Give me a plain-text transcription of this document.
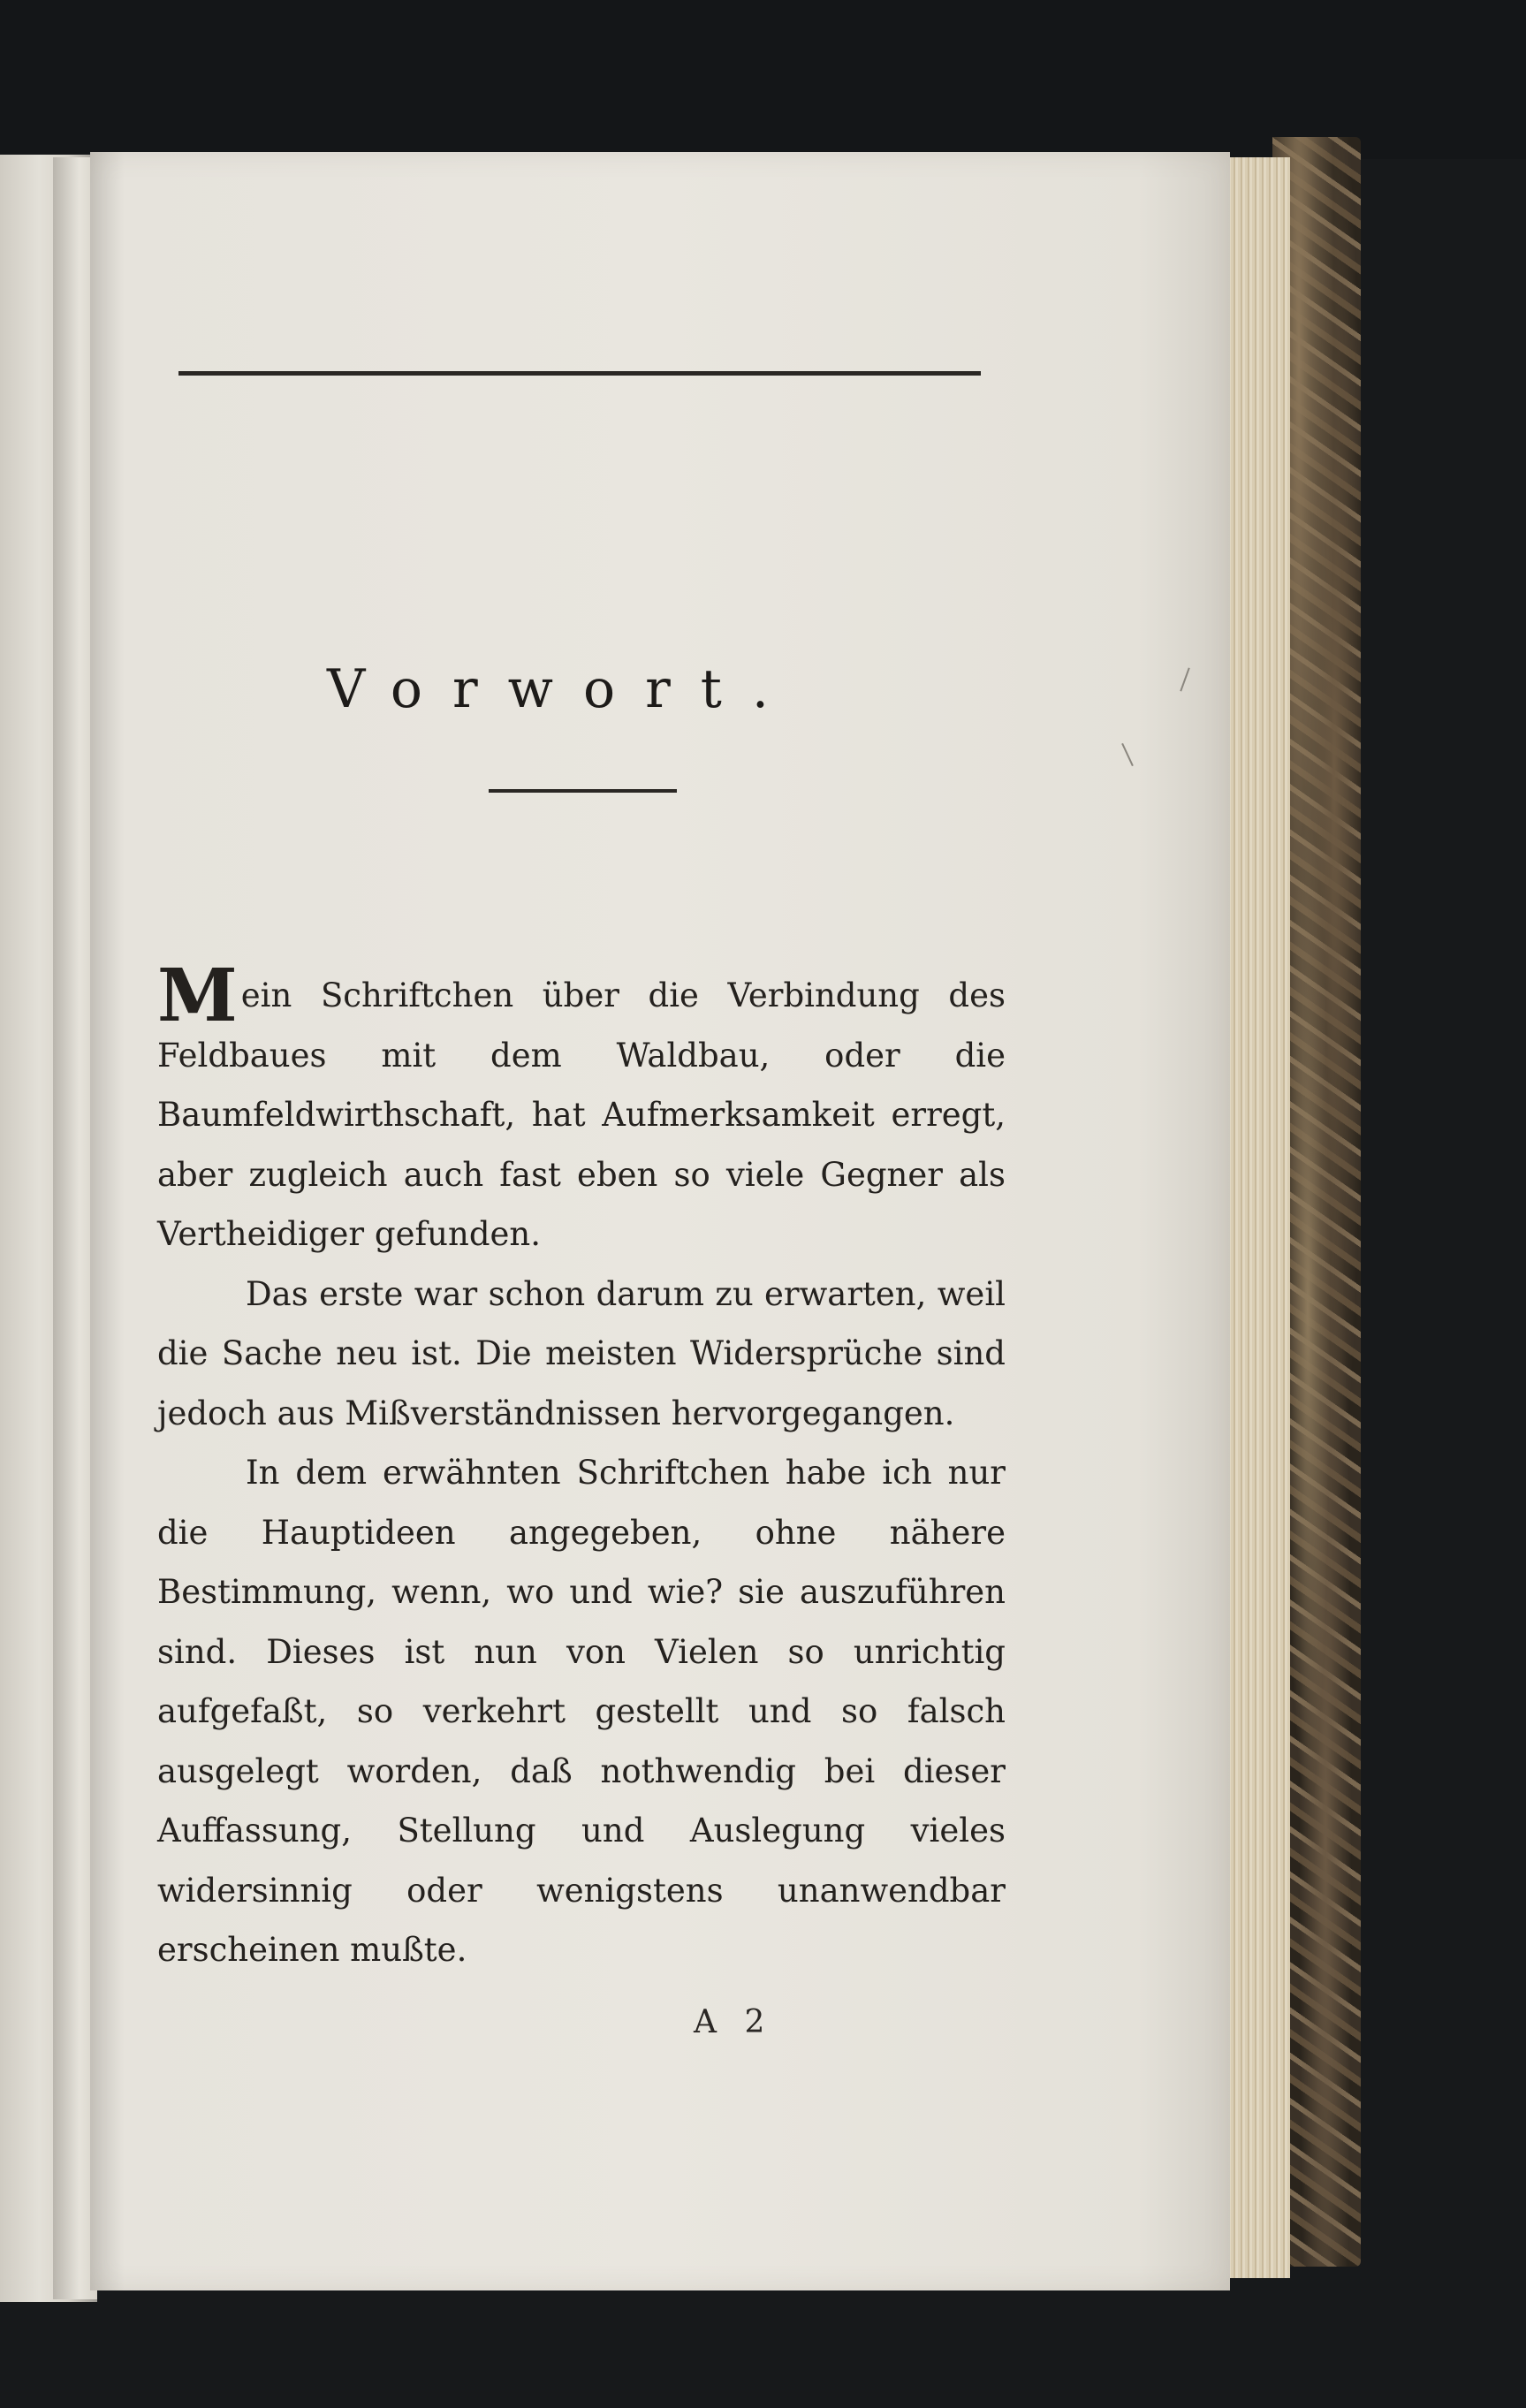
Vorwort.

Mein Schriftchen über die Verbindung des Feldbaues mit dem Waldbau, oder die Baumfeldwirthschaft, hat Aufmerksamkeit erregt, aber zugleich auch fast eben so viele Gegner als Vertheidiger gefunden.

Das erste war schon darum zu erwarten, weil die Sache neu ist. Die meisten Widersprüche sind jedoch aus Mißverständnissen hervorgegangen.

In dem erwähnten Schriftchen habe ich nur die Hauptideen angegeben, ohne nähere Bestimmung, wenn, wo und wie? sie auszuführen sind. Dieses ist nun von Vielen so unrichtig aufgefaßt, so verkehrt gestellt und so falsch ausgelegt worden, daß nothwendig bei dieser Auffassung, Stellung und Auslegung vieles widersinnig oder wenigstens unanwendbar erscheinen mußte.

A 2
